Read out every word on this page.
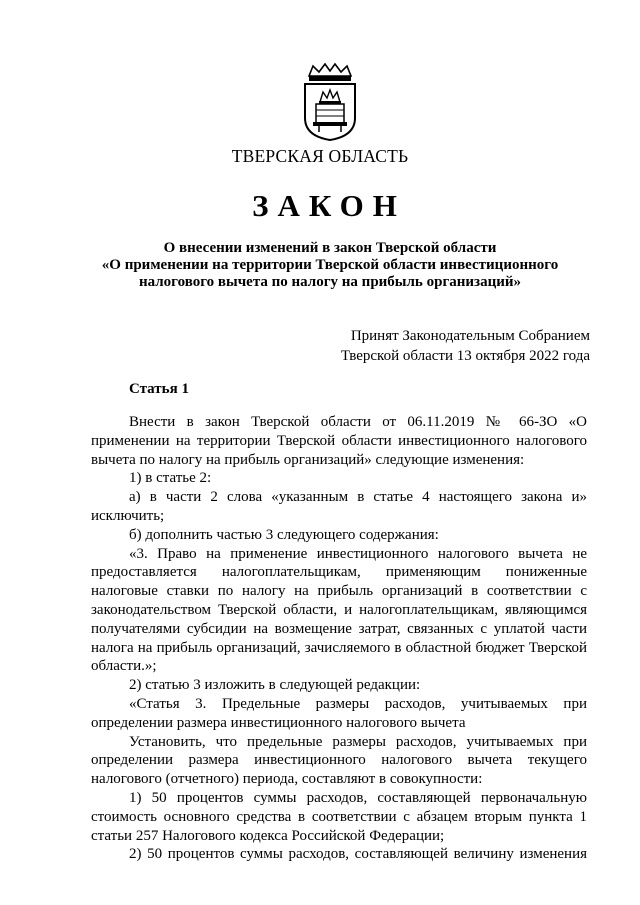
ТВЕРСКАЯ ОБЛАСТЬ
ЗАКОН
О внесении изменений в закон Тверской области
«О применении на территории Тверской области инвестиционного
налогового вычета по налогу на прибыль организаций»
Принят Законодательным Собранием
Тверской области 13 октября 2022 года
Статья 1

Внести в закон Тверской области от 06.11.2019 № 66-ЗО «О применении на территории Тверской области инвестиционного налогового вычета по налогу на прибыль организаций» следующие изменения:

1) в статье 2:

а) в части 2 слова «указанным в статье 4 настоящего закона и» исключить;

б) дополнить частью 3 следующего содержания:

«3. Право на применение инвестиционного налогового вычета не предоставляется налогоплательщикам, применяющим пониженные налоговые ставки по налогу на прибыль организаций в соответствии с законодательством Тверской области, и налогоплательщикам, являющимся получателями субсидии на возмещение затрат, связанных с уплатой части налога на прибыль организаций, зачисляемого в областной бюджет Тверской области.»;

2) статью 3 изложить в следующей редакции:

«Статья 3. Предельные размеры расходов, учитываемых при определении размера инвестиционного налогового вычета

Установить, что предельные размеры расходов, учитываемых при определении размера инвестиционного налогового вычета текущего налогового (отчетного) периода, составляют в совокупности:

1) 50 процентов суммы расходов, составляющей первоначальную стоимость основного средства в соответствии с абзацем вторым пункта 1 статьи 257 Налогового кодекса Российской Федерации;

2) 50 процентов суммы расходов, составляющей величину изменения
